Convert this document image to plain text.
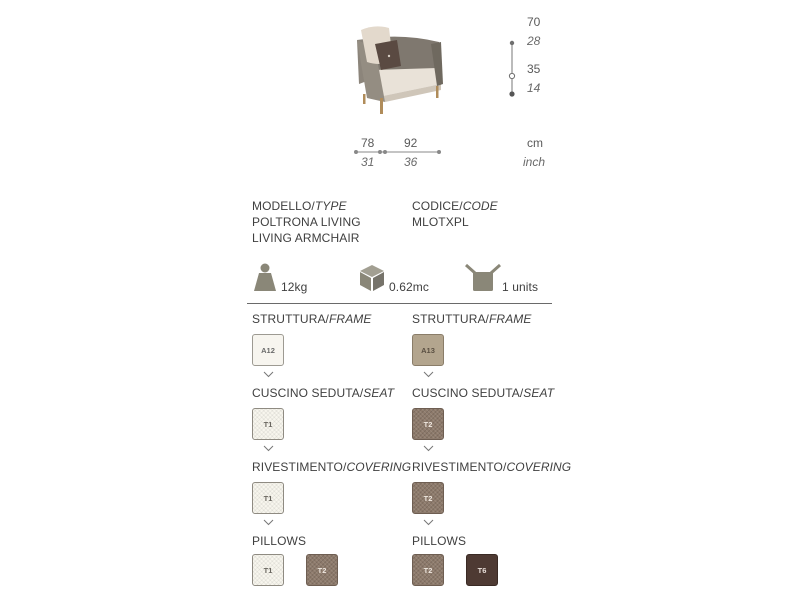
70
28
35
14
78
31
92
36
cm
inch
MODELLO/TYPE
POLTRONA LIVING
LIVING ARMCHAIR
CODICE/CODE
MLOTXPL
12kg	0.62mc	1 units
STRUTTURA/FRAME
A12
CUSCINO SEDUTA/SEAT
T1
RIVESTIMENTO/COVERING
T1
PILLOWS
T1	T2
STRUTTURA/FRAME
A13
CUSCINO SEDUTA/SEAT
T2
RIVESTIMENTO/COVERING
T2
PILLOWS
T2	T6
